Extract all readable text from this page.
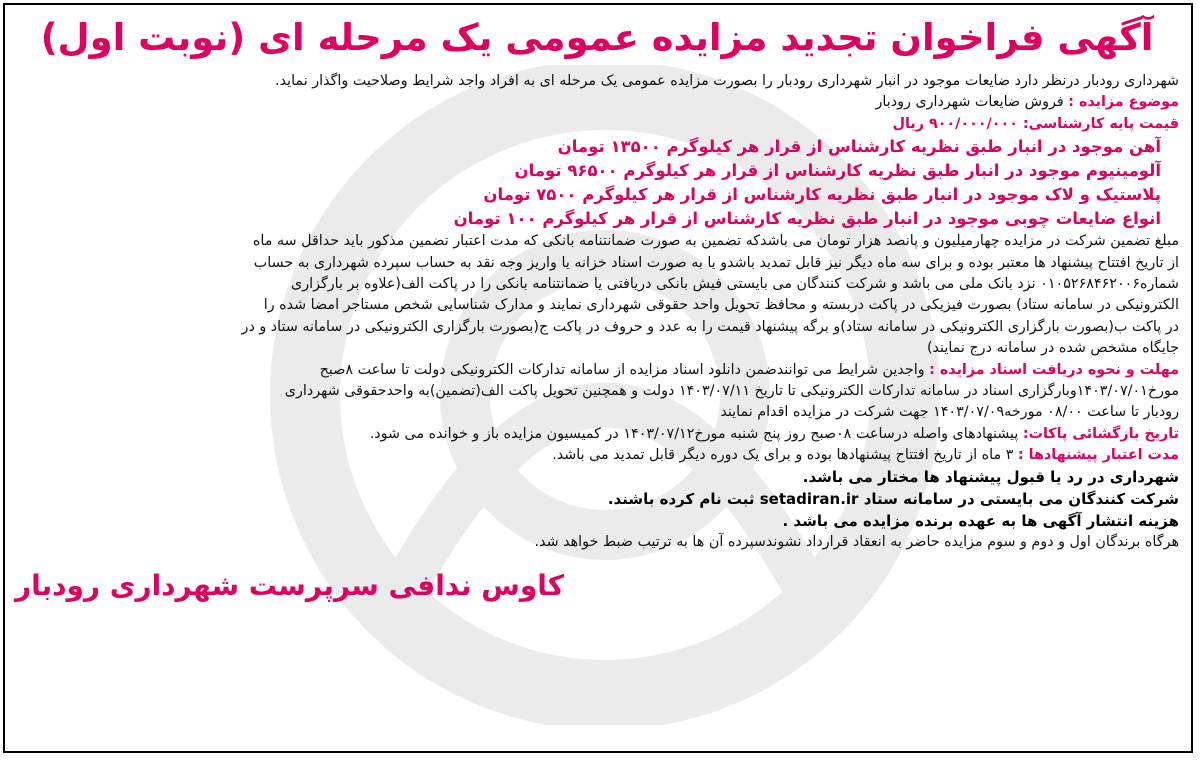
آگهی فراخوان تجدید مزایده عمومی یک مرحله ای (نوبت اول)
شهرداری رودبار درنظر دارد ضایعات موجود در انبار شهرداری رودبار را بصورت مزایده عمومی یک مرحله ای به افراد واجد شرایط وصلاحیت واگذار نماید.
موضوع مزایده : فروش ضایعات شهرداری رودبار
قیمت پایه کارشناسی: ۹۰۰/۰۰۰/۰۰۰ ریال
آهن موجود در انبار طبق نظریه کارشناس از قرار هر کیلوگرم ۱۳۵۰۰ تومان
آلومینیوم موجود در انبار طبق نظریه کارشناس از قرار هر کیلوگرم ۹۶۵۰۰ تومان
پلاستیک و لاک موجود در انبار طبق نظریه کارشناس از قرار هر کیلوگرم ۷۵۰۰ تومان
انواع ضایعات چوبی موجود در انبار طبق نظریه کارشناس از قرار هر کیلوگرم ۱۰۰ تومان
مبلغ تضمین شرکت در مزایده چهارمیلیون و پانصد هزار تومان می باشدکه تضمین به صورت ضمانتنامه بانکی که مدت اعتبار تضمین مذکور باید حداقل سه ماه
از تاریخ افتتاح پیشنهاد ها معتبر بوده و برای سه ماه دیگر نیز قابل تمدید باشدو یا به صورت اسناد خزانه یا واریز وجه نقد به حساب سپرده شهرداری به حساب
شماره۰۱۰۵۲۶۸۴۶۲۰۰۶ نزد بانک ملی می باشد و شرکت کنندگان می بایستی فیش بانکی دریافتی یا ضمانتنامه بانکی را در پاکت الف(علاوه بر بارگزاری
الکترونیکی در سامانه ستاد) بصورت فیزیکی در پاکت دربسته و محافظ تحویل واحد حقوقی شهرداری نمایند و مدارک شناسایی شخص مستاجر امضا شده را
در پاکت ب(بصورت بارگزاری الکترونیکی در سامانه ستاد)و برگه پیشنهاد قیمت را به عدد و حروف در پاکت ج(بصورت بارگزاری الکترونیکی در سامانه ستاد و در
جایگاه مشخص شده در سامانه درج نمایند)
مهلت و نحوه دریافت اسناد مزایده : واجدین شرایط می توانندضمن دانلود اسناد مزایده از سامانه تدارکات الکترونیکی دولت تا ساعت ۸صبح
مورخ۱۴۰۳/۰۷/۰۱وبارگزاری اسناد در سامانه تدارکات الکترونیکی تا تاریخ ۱۴۰۳/۰۷/۱۱ دولت و همچنین تحویل پاکت الف(تضمین)به واحدحقوقی شهرداری
رودبار تا ساعت ۰۸/۰۰ مورخه۱۴۰۳/۰۷/۰۹ جهت شرکت در مزایده اقدام نمایند
تاریخ بازگشائی پاکات: پیشنهادهای واصله درساعت ۰۸صبح روز پنج شنبه مورخ۱۴۰۳/۰۷/۱۲ در کمیسیون مزایده باز و خوانده می شود.
مدت اعتبار پیشنهادها : ۳ ماه از تاریخ افتتاح پیشنهادها بوده و برای یک دوره دیگر قابل تمدید می باشد.
شهرداری در رد یا قبول پیشنهاد ها مختار می باشد.
شرکت کنندگان می بایستی در سامانه ستاد setadiran.ir ثبت نام کرده باشند.
هزینه انتشار آگهی ها به عهده برنده مزایده می باشد .
هرگاه برندگان اول و دوم و سوم مزایده حاضر به انعقاد قرارداد نشوندسپرده آن ها به ترتیب ضبط خواهد شد.
کاوس ندافی سرپرست شهرداری رودبار
